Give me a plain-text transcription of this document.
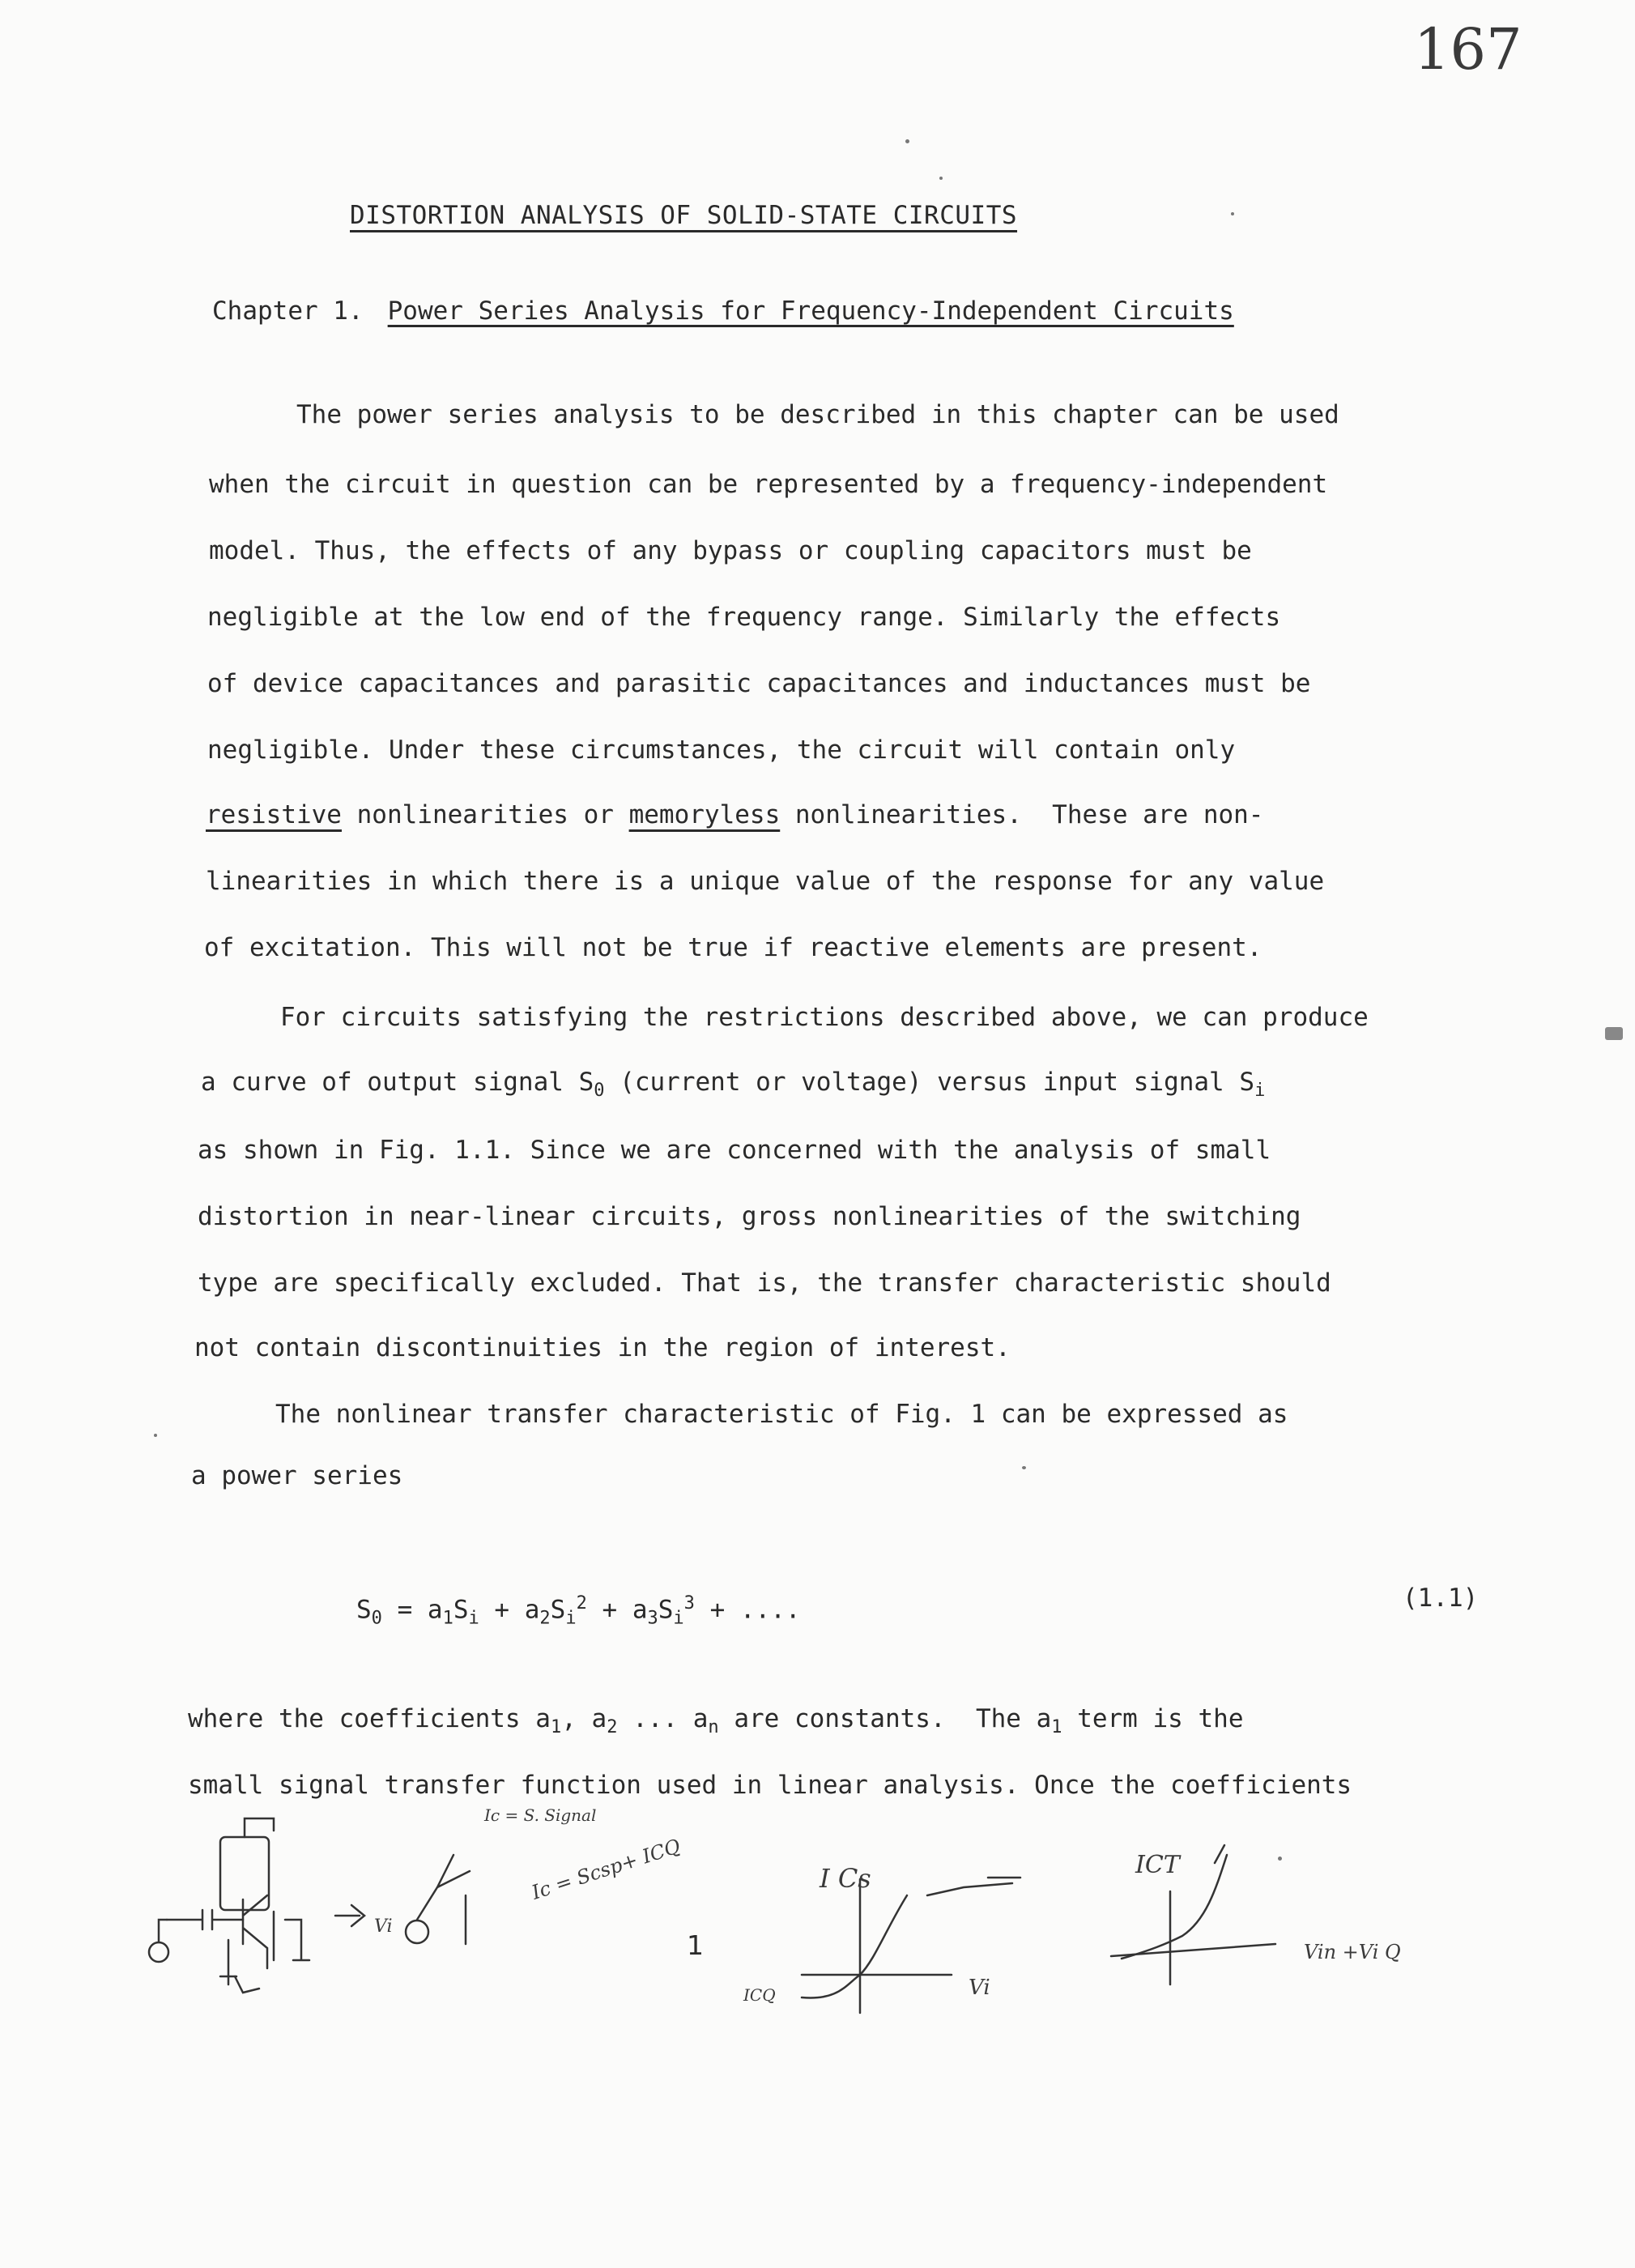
167
DISTORTION ANALYSIS OF SOLID-STATE CIRCUITS
Chapter 1. Power Series Analysis for Frequency-Independent Circuits
The power series analysis to be described in this chapter can be used
when the circuit in question can be represented by a frequency-independent
model. Thus, the effects of any bypass or coupling capacitors must be
negligible at the low end of the frequency range. Similarly the effects
of device capacitances and parasitic capacitances and inductances must be
negligible. Under these circumstances, the circuit will contain only
resistive nonlinearities or memoryless nonlinearities.  These are non-
linearities in which there is a unique value of the response for any value
of excitation. This will not be true if reactive elements are present.
For circuits satisfying the restrictions described above, we can produce
a curve of output signal $S_0$ (current or voltage) versus input signal $S_i$
as shown in Fig. 1.1. Since we are concerned with the analysis of small
distortion in near-linear circuits, gross nonlinearities of the switching
type are specifically excluded. That is, the transfer characteristic should
not contain discontinuities in the region of interest.
The nonlinear transfer characteristic of Fig. 1 can be expressed as
a power series
$S_0 = a_1S_i + a_2S_i^2 + a_3S_i^3$ + ....	(1.1)
where the coefficients $a_1$, $a_2$ ... $a_n$ are constants.  The $a_1$ term is the
small signal transfer function used in linear analysis. Once the coefficients
Ic = S. Signal
Ic = Scsp+ ICQ
Vi
I Cs
ICQ	Vi
ICT
Vin +Vi Q
1
